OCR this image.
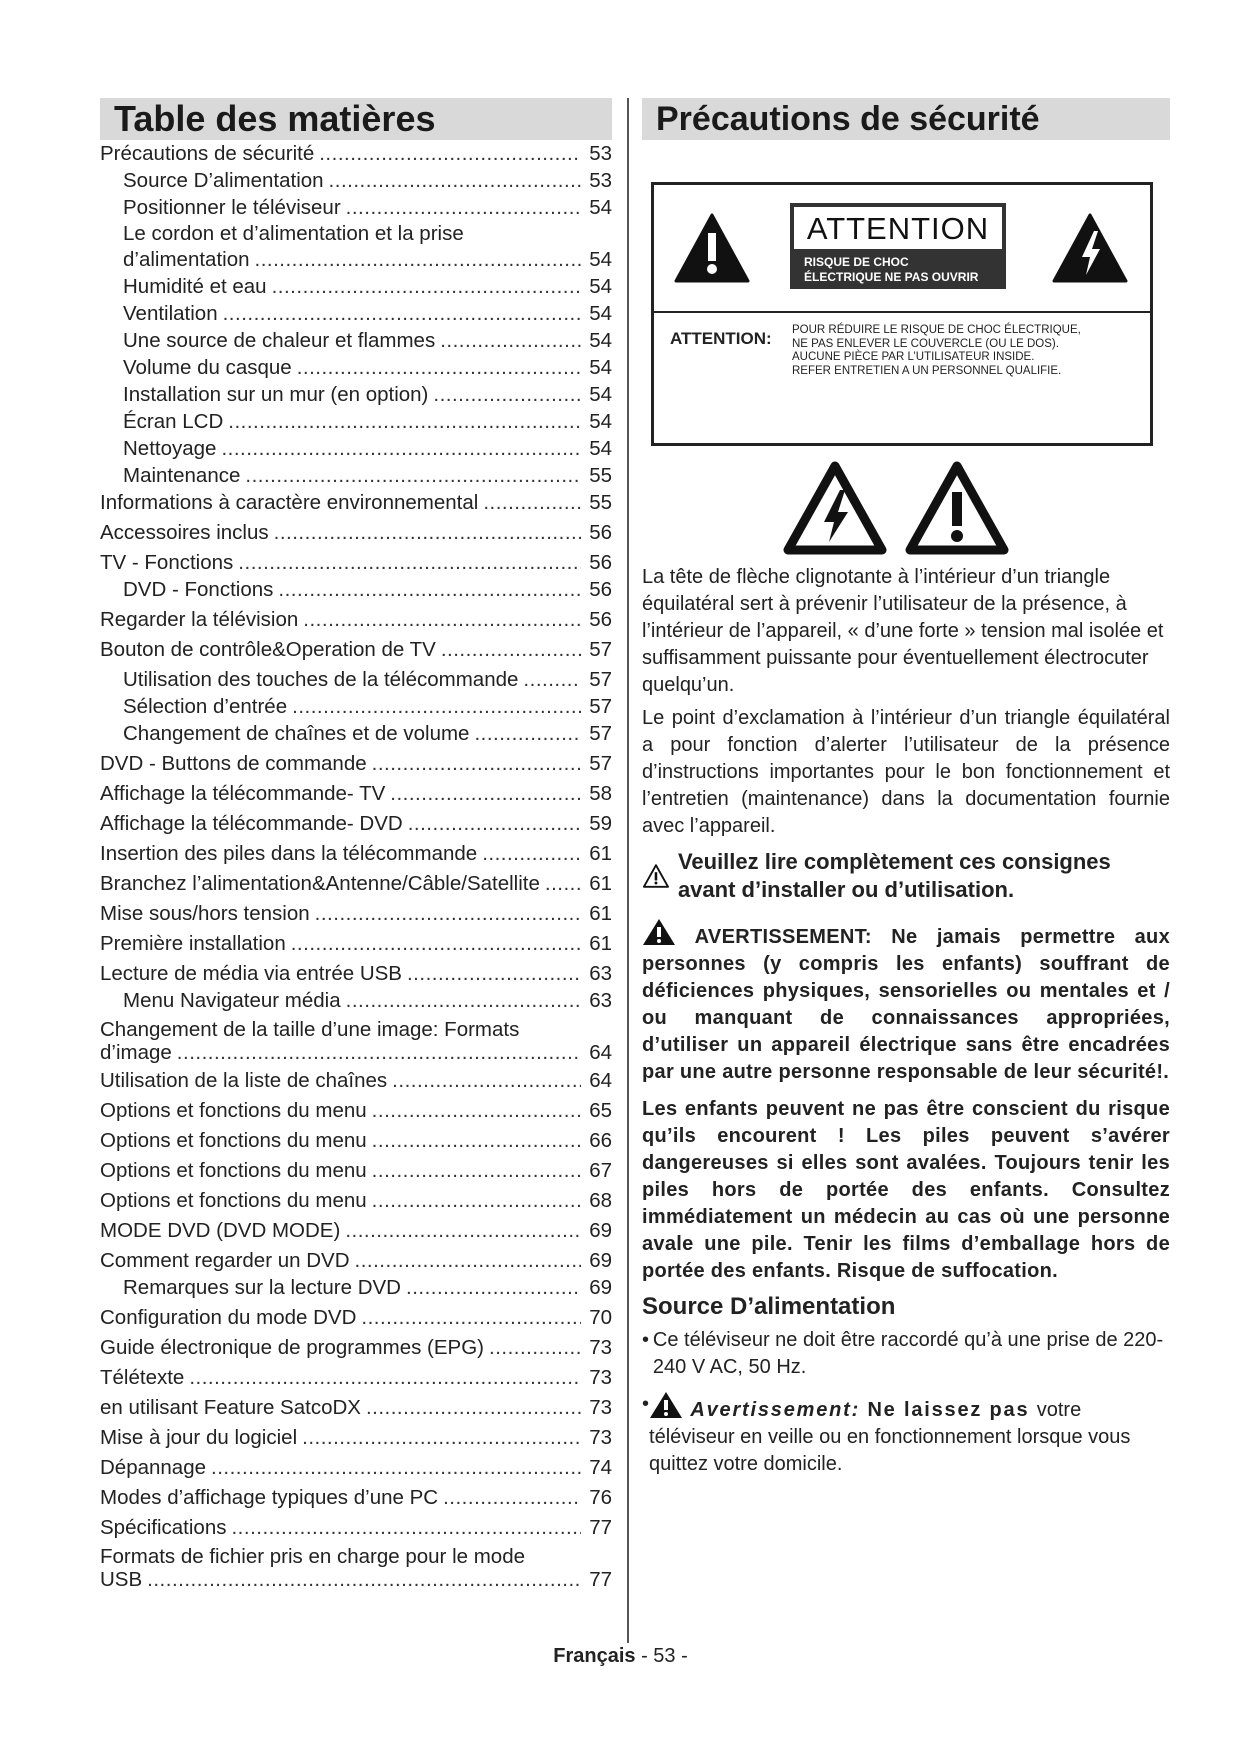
Table des matières
Précautions de sécurité .....	53
Source D’alimentation .....	53
Positionner le téléviseur .....	54
Le cordon et d’alimentation et la prise
d’alimentation .....	54
Humidité et eau .....	54
Ventilation .....	54
Une source de chaleur et flammes .....	54
Volume du casque .....	54
Installation sur un mur (en option) .....	54
Écran LCD .....	54
Nettoyage .....	54
Maintenance .....	55
Informations à caractère environnemental .....	55
Accessoires inclus .....	56
TV - Fonctions .....	56
DVD - Fonctions .....	56
Regarder la télévision .....	56
Bouton de contrôle&Operation de TV .....	57
Utilisation des touches de la télécommande .....	57
Sélection d’entrée .....	57
Changement de chaînes et de volume .....	57
DVD - Buttons de commande .....	57
Affichage la télécommande- TV .....	58
Affichage la télécommande- DVD .....	59
Insertion des piles dans la télécommande .....	61
Branchez l’alimentation&Antenne/Câble/Satellite ..... 61
Mise sous/hors tension .....	61
Première installation .....	61
Lecture de média via entrée USB .....	63
Menu Navigateur média .....	63
Changement de la taille d’une image: Formats
d’image .....	64
Utilisation de la liste de chaînes .....	64
Options et fonctions du menu .....	65
Options et fonctions du menu .....	66
Options et fonctions du menu .....	67
Options et fonctions du menu .....	68
MODE DVD (DVD MODE) .....	69
Comment regarder un DVD .....	69
Remarques sur la lecture DVD .....	69
Configuration du mode DVD .....	70
Guide électronique de programmes (EPG) .....	73
Télétexte .....	73
en utilisant Feature SatcoDX .....	73
Mise à jour du logiciel .....	73
Dépannage .....	74
Modes d’affichage typiques d’une PC .....	76
Spécifications .....	77
Formats de fichier pris en charge pour le mode
USB .....	77
Précautions de sécurité
ATTENTION
RISQUE DE CHOC
ÉLECTRIQUE NE PAS OUVRIR
ATTENTION: POUR RÉDUIRE LE RISQUE DE CHOC ÉLECTRIQUE,
NE PAS ENLEVER LE COUVERCLE (OU LE DOS).
AUCUNE PIÈCE PAR L’UTILISATEUR INSIDE.
REFER ENTRETIEN A UN PERSONNEL QUALIFIE.

La tête de flèche clignotante à l’intérieur d’un triangle équilatéral sert à prévenir l’utilisateur de la présence, à l’intérieur de l’appareil, « d’une forte » tension mal isolée et suffisamment puissante pour éventuellement électrocuter quelqu’un.

Le point d’exclamation à l’intérieur d’un triangle équilatéral a pour fonction d’alerter l’utilisateur de la présence d’instructions importantes pour le bon fonctionnement et l’entretien (maintenance) dans la documentation fournie avec l’appareil.

Veuillez lire complètement ces consignes avant d’installer ou d’utilisation.
AVERTISSEMENT: Ne jamais permettre aux personnes (y compris les enfants) souffrant de déficiences physiques, sensorielles ou mentales et / ou manquant de connaissances appropriées, d’utiliser un appareil électrique sans être encadrées par une autre personne responsable de leur sécurité!.
Les enfants peuvent ne pas être conscient du risque qu’ils encourent ! Les piles peuvent s’avérer dangereuses si elles sont avalées. Toujours tenir les piles hors de portée des enfants. Consultez immédiatement un médecin au cas où une personne avale une pile. Tenir les films d’emballage hors de portée des enfants. Risque de suffocation.
Source D’alimentation
• Ce téléviseur ne doit être raccordé qu’à une prise de 220-240 V AC, 50 Hz.
•	Avertissement: Ne laissez pas votre téléviseur en veille ou en fonctionnement lorsque vous quittez votre domicile.
Français - 53 -
